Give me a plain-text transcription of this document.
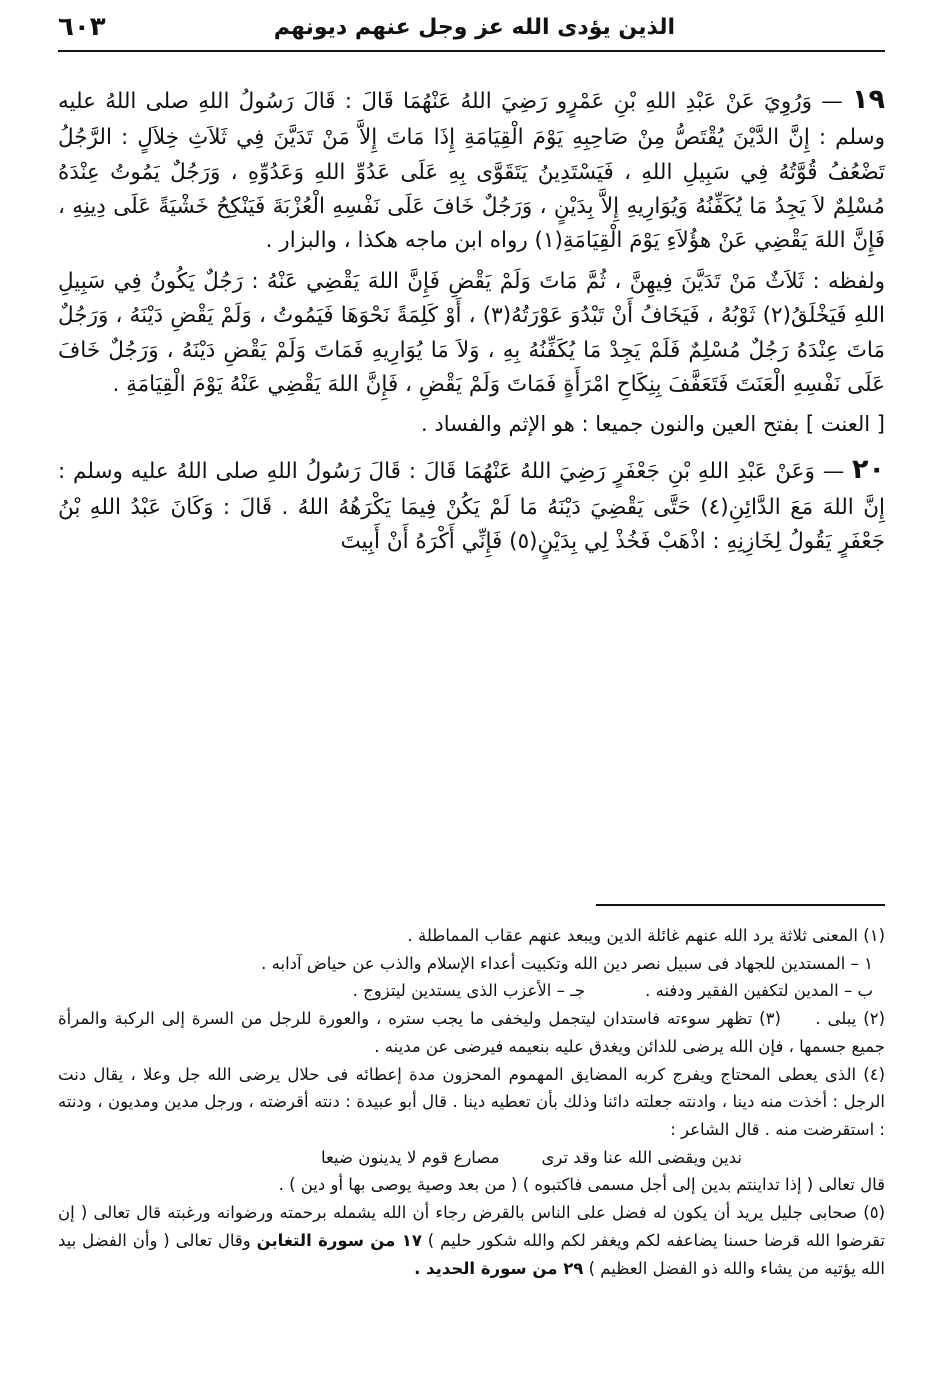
الذين يؤدى الله عز وجل عنهم ديونهم
٦٠٣

١٩ — وَرُوِيَ عَنْ عَبْدِ اللهِ بْنِ عَمْرٍو رَضِيَ اللهُ عَنْهُمَا قَالَ : قَالَ رَسُولُ اللهِ صلى اللهُ عليه وسلم : إِنَّ الدَّيْنَ يُقْتَصُّ مِنْ صَاحِبِهِ يَوْمَ الْقِيَامَةِ إِذَا مَاتَ إِلاَّ مَنْ تَدَيَّنَ فِي ثَلاَثِ خِلاَلٍ : الرَّجُلُ تَضْعُفُ قُوَّتُهُ فِي سَبِيلِ اللهِ ، فَيَسْتَدِينُ يَتَقَوَّى بِهِ عَلَى عَدُوِّ اللهِ وَعَدُوِّهِ ، وَرَجُلٌ يَمُوتُ عِنْدَهُ مُسْلِمٌ لاَ يَجِدُ مَا يُكَفِّنُهُ وَيُوَارِيهِ إِلاَّ بِدَيْنٍ ، وَرَجُلٌ خَافَ عَلَى نَفْسِهِ الْعُزْبَةَ فَيَنْكِحُ خَشْيَةً عَلَى دِينِهِ ، فَإِنَّ اللهَ يَقْضِي عَنْ هؤُلاَءِ يَوْمَ الْقِيَامَةِ(١) رواه ابن ماجه هكذا ، والبزار .

ولفظه : ثَلاَثٌ مَنْ تَدَيَّنَ فِيهِنَّ ، ثُمَّ مَاتَ وَلَمْ يَقْضِ فَإِنَّ اللهَ يَقْضِي عَنْهُ : رَجُلٌ يَكُونُ فِي سَبِيلِ اللهِ فَيَخْلَقُ(٢) ثَوْبُهُ ، فَيَخَافُ أَنْ تَبْدُوَ عَوْرَتُهُ(٣) ، أَوْ كَلِمَةً نَحْوَهَا فَيَمُوتُ ، وَلَمْ يَقْضِ دَيْنَهُ ، وَرَجُلٌ مَاتَ عِنْدَهُ رَجُلٌ مُسْلِمٌ فَلَمْ يَجِدْ مَا يُكَفِّنُهُ بِهِ ، وَلاَ مَا يُوَارِيهِ فَمَاتَ وَلَمْ يَقْضِ دَيْنَهُ ، وَرَجُلٌ خَافَ عَلَى نَفْسِهِ الْعَنَتَ فَتَعَفَّفَ بِنِكَاحِ امْرَأَةٍ فَمَاتَ وَلَمْ يَقْضِ ، فَإِنَّ اللهَ يَقْضِي عَنْهُ يَوْمَ الْقِيَامَةِ .

[ العنت ] بفتح العين والنون جميعا : هو الإثم والفساد .

٢٠ — وَعَنْ عَبْدِ اللهِ بْنِ جَعْفَرٍ رَضِيَ اللهُ عَنْهُمَا قَالَ : قَالَ رَسُولُ اللهِ صلى اللهُ عليه وسلم : إِنَّ اللهَ مَعَ الدَّائِنِ(٤) حَتَّى يَقْضِيَ دَيْنَهُ مَا لَمْ يَكُنْ فِيمَا يَكْرَهُهُ اللهُ . قَالَ : وَكَانَ عَبْدُ اللهِ بْنُ جَعْفَرٍ يَقُولُ لِخَازِنِهِ : اذْهَبْ فَخُذْ لِي بِدَيْنٍ(٥) فَإِنِّي أَكْرَهُ أَنْ أَبِيتَ

(١) المعنى ثلاثة يرد الله عنهم غائلة الدين ويبعد عنهم عقاب المماطلة .

١ – المستدين للجهاد فى سبيل نصر دين الله وتكبيت أعداء الإسلام والذب عن حياض آدابه .

ب – المدين لتكفين الفقير ودفنه .
جـ – الأعزب الذى يستدين ليتزوج .

(٢) يبلى .     (٣) تظهر سوءته فاستدان ليتجمل وليخفى ما يجب ستره ، والعورة للرجل من السرة إلى الركبة والمرأة جميع جسمها ، فإن الله يرضى للدائن ويغدق عليه بنعيمه فيرضى عن مدينه .

(٤) الذى يعطى المحتاج ويفرج كربه المضايق المهموم المحزون مدة إعطائه فى حلال يرضى الله جل وعلا ، يقال دنت الرجل : أخذت منه دينا ، وادنته جعلته دائنا وذلك بأن تعطيه دينا . قال أبو عبيدة : دنته أقرضته ، ورجل مدين ومديون ، ودنته : استقرضت منه . قال الشاعر :

ندين ويقضى الله عنا وقد ترى        مصارع قوم لا يدينون ضيعا

قال تعالى ( إذا تداينتم بدين إلى أجل مسمى فاكتبوه ) ( من بعد وصية يوصى بها أو دين ) .

(٥) صحابى جليل يريد أن يكون له فضل على الناس بالقرض رجاء أن الله يشمله برحمته ورضوانه ورغبته قال تعالى ( إن تقرضوا الله قرضا حسنا يضاعفه لكم ويغفر لكم والله شكور حليم ) ١٧ من سورة التغابن وقال تعالى ( وأن الفضل بيد الله يؤتيه من يشاء والله ذو الفضل العظيم ) ٢٩ من سورة الحديد .
